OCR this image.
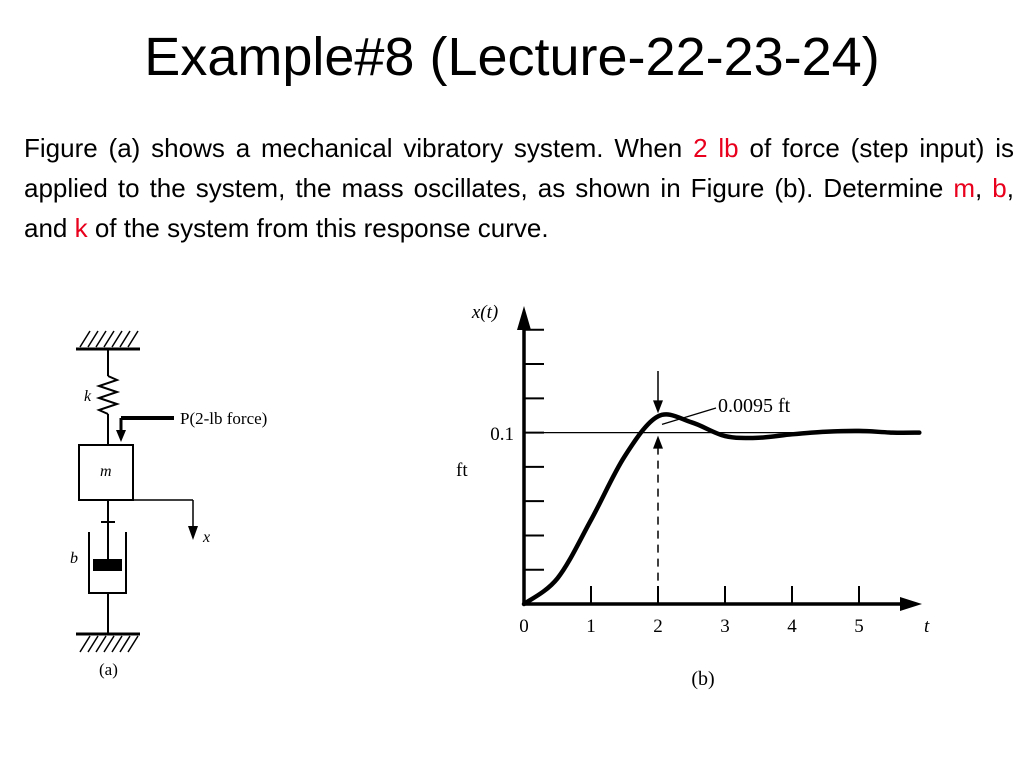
Example#8 (Lecture-22-23-24)
Figure (a) shows a mechanical vibratory system. When 2 lb of force (step input) is applied to the system, the mass oscillates, as shown in Figure (b). Determine m, b, and k of the system from this response curve.
k
P(2-lb force)
m
x
b
(a)
0	1	2	3	4	5
x(t)
ft
0.1
0.0095 ft
t
(b)
